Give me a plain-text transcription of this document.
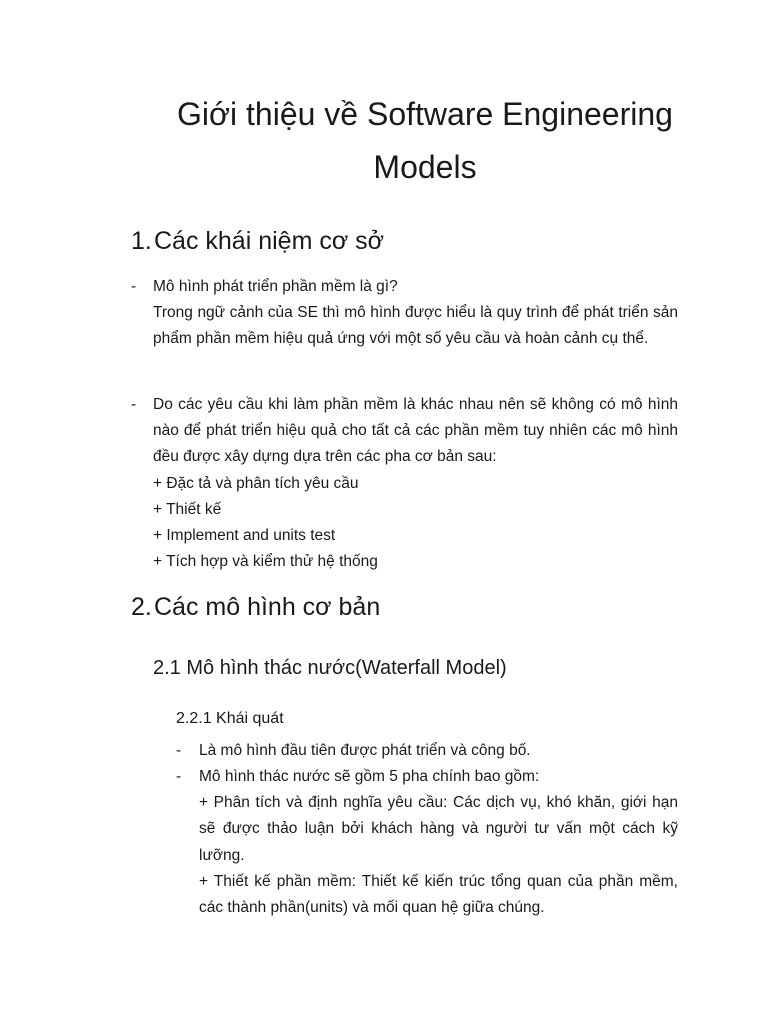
Giới thiệu về Software Engineering
Models
1.Các khái niệm cơ sở
- Mô hình phát triển phần mềm là gì?
Trong ngữ cảnh của SE thì mô hình được hiểu là quy trình để phát triển sản phẩm phần mềm hiệu quả ứng với một số yêu cầu và hoàn cảnh cụ thể.
- Do các yêu cầu khi làm phần mềm là khác nhau nên sẽ không có mô hình nào để phát triển hiệu quả cho tất cả các phần mềm tuy nhiên các mô hình đều được xây dựng dựa trên các pha cơ bản sau:
+ Đặc tả và phân tích yêu cầu
+ Thiết kế
+ Implement and units test
+ Tích hợp và kiểm thử hệ thống
2.Các mô hình cơ bản
2.1 Mô hình thác nước(Waterfall Model)
2.2.1 Khái quát
- Là mô hình đầu tiên được phát triển và công bố.
- Mô hình thác nước sẽ gồm 5 pha chính bao gồm:
+ Phân tích và định nghĩa yêu cầu: Các dịch vụ, khó khăn, giới hạn sẽ được thảo luận bởi khách hàng và người tư vấn một cách kỹ lưỡng.
+ Thiết kế phần mềm: Thiết kế kiến trúc tổng quan của phần mềm, các thành phần(units) và mối quan hệ giữa chúng.
